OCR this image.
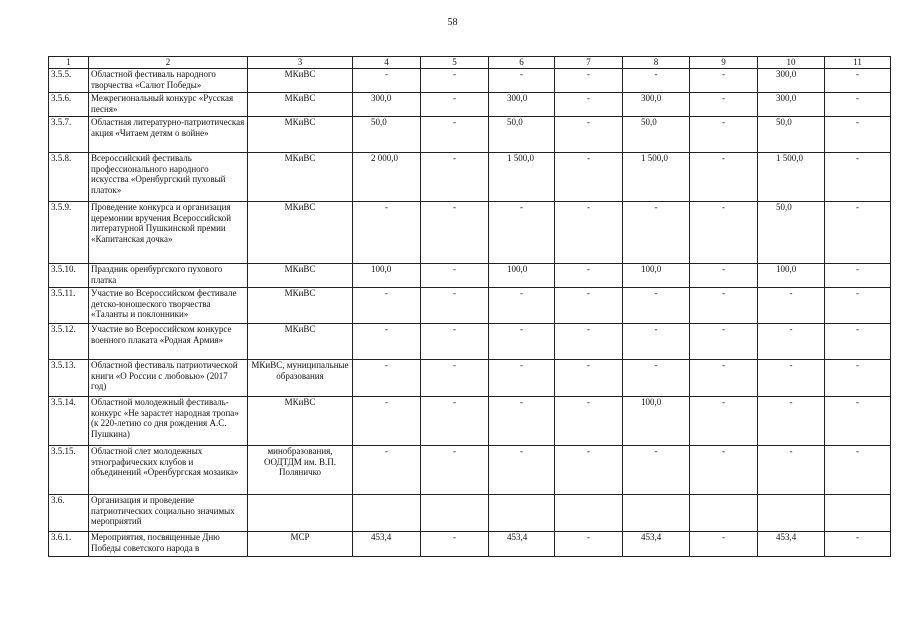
58
1	2	3	4	5	6	7	8	9	10	11
3.5.5.	Областной фестиваль народного творчества «Салют Победы»	МКиВС	-	-	-	-	-	-	300,0	-
3.5.6.	Межрегиональный конкурс «Русская песня»	МКиВС	300,0	-	300,0	-	300,0	-	300,0	-
3.5.7.	Областная литературно-патриотическая акция «Читаем детям о войне»	МКиВС	50,0	-	50,0	-	50,0	-	50,0	-
3.5.8.	Всероссийский фестиваль профессионального народного искусства «Оренбургский пуховый платок»	МКиВС	2 000,0	-	1 500,0	-	1 500,0	-	1 500,0	-
3.5.9.	Проведение конкурса и организация церемонии вручения Всероссийской литературной Пушкинской премии «Капитанская дочка»	МКиВС	-	-	-	-	-	-	50,0	-
3.5.10.	Праздник оренбургского пухового платка	МКиВС	100,0	-	100,0	-	100,0	-	100,0	-
3.5.11.	Участие во Всероссийском фестивале детско-юношеского творчества «Таланты и поклонники»	МКиВС	-	-	-	-	-	-	-	-
3.5.12.	Участие во Всероссийском конкурсе военного плаката «Родная Армия»	МКиВС	-	-	-	-	-	-	-	-
3.5.13.	Областной фестиваль патриотической книги «О России с любовью» (2017 год)	МКиВС, муниципальные образования	-	-	-	-	-	-	-	-
3.5.14.	Областной молодежный фестиваль-конкурс «Не зарастет народная тропа» (к 220-летию со дня рождения А.С. Пушкина)	МКиВС	-	-	-	-	100,0	-	-	-
3.5.15.	Областной слет молодежных этнографических клубов и объединений «Оренбургская мозаика»	минобразования, ООДТДМ им. В.П. Поляничко	-	-	-	-	-	-	-	-
3.6.	Организация и проведение патриотических социально значимых мероприятий									
3.6.1.	Мероприятия, посвященные Дню Победы советского народа в	МСР	453,4	-	453,4	-	453,4	-	453,4	-
